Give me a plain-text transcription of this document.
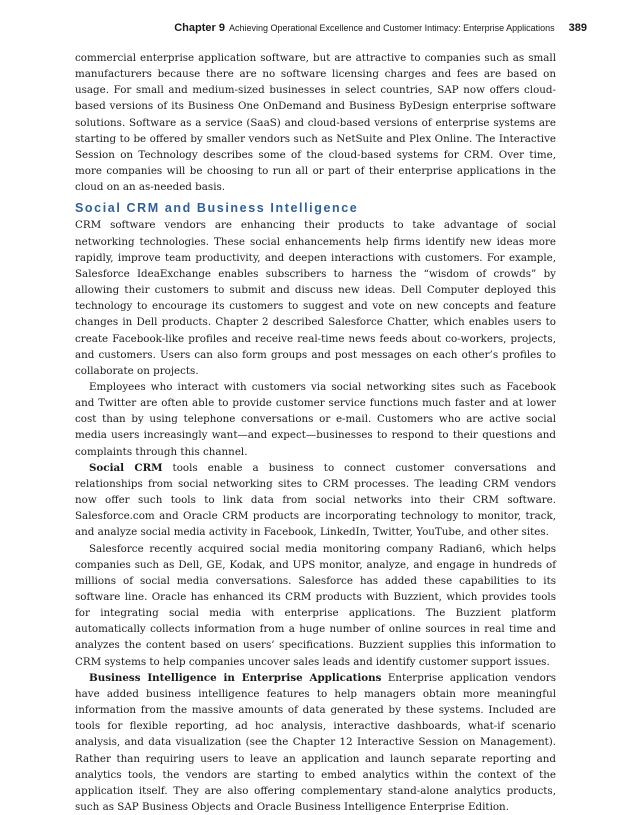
Chapter 9 Achieving Operational Excellence and Customer Intimacy: Enterprise Applications 389

commercial enterprise application software, but are attractive to companies such as small manufacturers because there are no software licensing charges and fees are based on usage. For small and medium-sized businesses in select countries, SAP now offers cloud-based versions of its Business One OnDemand and Business ByDesign enterprise software solutions. Software as a service (SaaS) and cloud-based versions of enterprise systems are starting to be offered by smaller vendors such as NetSuite and Plex Online. The Interactive Session on Technology describes some of the cloud-based systems for CRM. Over time, more companies will be choosing to run all or part of their enterprise applications in the cloud on an as-needed basis.

Social CRM and Business Intelligence

CRM software vendors are enhancing their products to take advantage of social networking technologies. These social enhancements help firms identify new ideas more rapidly, improve team productivity, and deepen interactions with customers. For example, Salesforce IdeaExchange enables subscribers to harness the “wisdom of crowds” by allowing their customers to submit and discuss new ideas. Dell Computer deployed this technology to encourage its customers to suggest and vote on new concepts and feature changes in Dell products. Chapter 2 described Salesforce Chatter, which enables users to create Facebook-like profiles and receive real-time news feeds about co-workers, projects, and customers. Users can also form groups and post messages on each other’s profiles to collaborate on projects.

Employees who interact with customers via social networking sites such as Facebook and Twitter are often able to provide customer service functions much faster and at lower cost than by using telephone conversations or e-mail. Customers who are active social media users increasingly want—and expect—businesses to respond to their questions and complaints through this channel.

Social CRM tools enable a business to connect customer conversations and relationships from social networking sites to CRM processes. The leading CRM vendors now offer such tools to link data from social networks into their CRM software. Salesforce.com and Oracle CRM products are incorporating technology to monitor, track, and analyze social media activity in Facebook, LinkedIn, Twitter, YouTube, and other sites.

Salesforce recently acquired social media monitoring company Radian6, which helps companies such as Dell, GE, Kodak, and UPS monitor, analyze, and engage in hundreds of millions of social media conversations. Salesforce has added these capabilities to its software line. Oracle has enhanced its CRM products with Buzzient, which provides tools for integrating social media with enterprise applications. The Buzzient platform automatically collects information from a huge number of online sources in real time and analyzes the content based on users’ specifications. Buzzient supplies this information to CRM systems to help companies uncover sales leads and identify customer support issues.

Business Intelligence in Enterprise Applications Enterprise application vendors have added business intelligence features to help managers obtain more meaningful information from the massive amounts of data generated by these systems. Included are tools for flexible reporting, ad hoc analysis, interactive dashboards, what-if scenario analysis, and data visualization (see the Chapter 12 Interactive Session on Management). Rather than requiring users to leave an application and launch separate reporting and analytics tools, the vendors are starting to embed analytics within the context of the application itself. They are also offering complementary stand-alone analytics products, such as SAP Business Objects and Oracle Business Intelligence Enterprise Edition.
